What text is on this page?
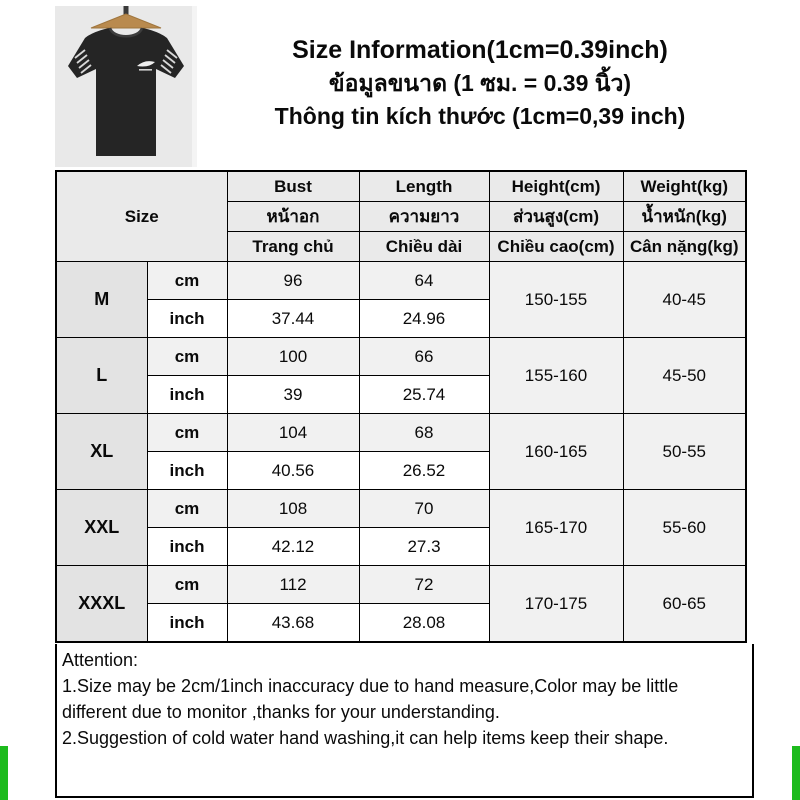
Size Information(1cm=0.39inch)
ข้อมูลขนาด (1 ซม. = 0.39 นิ้ว)
Thông tin kích thước (1cm=0,39 inch)
Size		Bust	Length	Height(cm)	Weight(kg)
		หน้าอก	ความยาว	ส่วนสูง(cm)	น้ำหนัก(kg)
		Trang chủ	Chiều dài	Chiều cao(cm)	Cân nặng(kg)
M	cm	96	64	150-155	40-45
	inch	37.44	24.96		
L	cm	100	66	155-160	45-50
	inch	39	25.74		
XL	cm	104	68	160-165	50-55
	inch	40.56	26.52		
XXL	cm	108	70	165-170	55-60
	inch	42.12	27.3		
XXXL	cm	112	72	170-175	60-65
	inch	43.68	28.08		
Attention:
1.Size may be 2cm/1inch inaccuracy due to hand measure,Color may be little different due to monitor ,thanks for your understanding.
2.Suggestion of cold water hand washing,it can help items keep their shape.
